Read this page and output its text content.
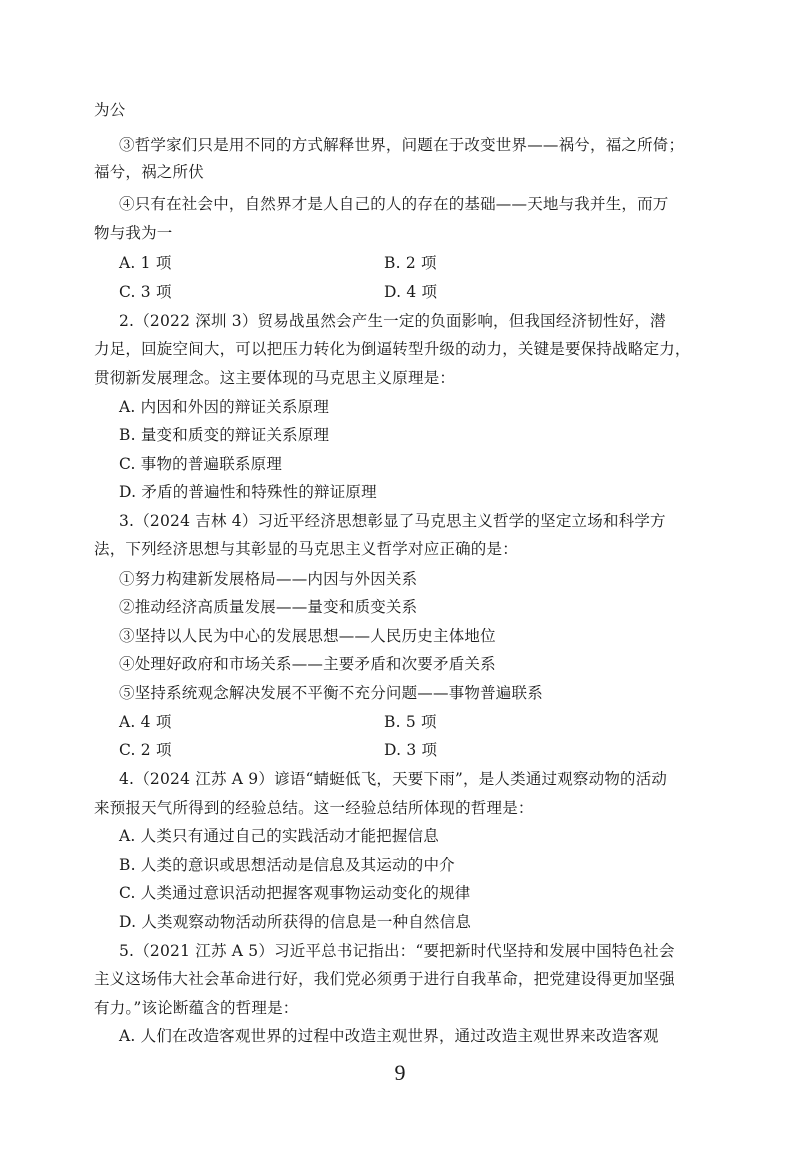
为公
③哲学家们只是用不同的方式解释世界，问题在于改变世界——祸兮，福之所倚；
福兮，祸之所伏
④只有在社会中，自然界才是人自己的人的存在的基础——天地与我并生，而万
物与我为一
A. 1 项	B. 2 项
C. 3 项	D. 4 项
2.（2022 深圳 3）贸易战虽然会产生一定的负面影响，但我国经济韧性好，潜
力足，回旋空间大，可以把压力转化为倒逼转型升级的动力，关键是要保持战略定力，
贯彻新发展理念。这主要体现的马克思主义原理是：
A. 内因和外因的辩证关系原理
B. 量变和质变的辩证关系原理
C. 事物的普遍联系原理
D. 矛盾的普遍性和特殊性的辩证原理
3.（2024 吉林 4）习近平经济思想彰显了马克思主义哲学的坚定立场和科学方
法，下列经济思想与其彰显的马克思主义哲学对应正确的是：
①努力构建新发展格局——内因与外因关系
②推动经济高质量发展——量变和质变关系
③坚持以人民为中心的发展思想——人民历史主体地位
④处理好政府和市场关系——主要矛盾和次要矛盾关系
⑤坚持系统观念解决发展不平衡不充分问题——事物普遍联系
A. 4 项	B. 5 项
C. 2 项	D. 3 项
4.（2024 江苏 A 9）谚语“蜻蜓低飞，天要下雨”，是人类通过观察动物的活动
来预报天气所得到的经验总结。这一经验总结所体现的哲理是：
A. 人类只有通过自己的实践活动才能把握信息
B. 人类的意识或思想活动是信息及其运动的中介
C. 人类通过意识活动把握客观事物运动变化的规律
D. 人类观察动物活动所获得的信息是一种自然信息
5.（2021 江苏 A 5）习近平总书记指出：“要把新时代坚持和发展中国特色社会
主义这场伟大社会革命进行好，我们党必须勇于进行自我革命，把党建设得更加坚强
有力。”该论断蕴含的哲理是：
A. 人们在改造客观世界的过程中改造主观世界，通过改造主观世界来改造客观
9
